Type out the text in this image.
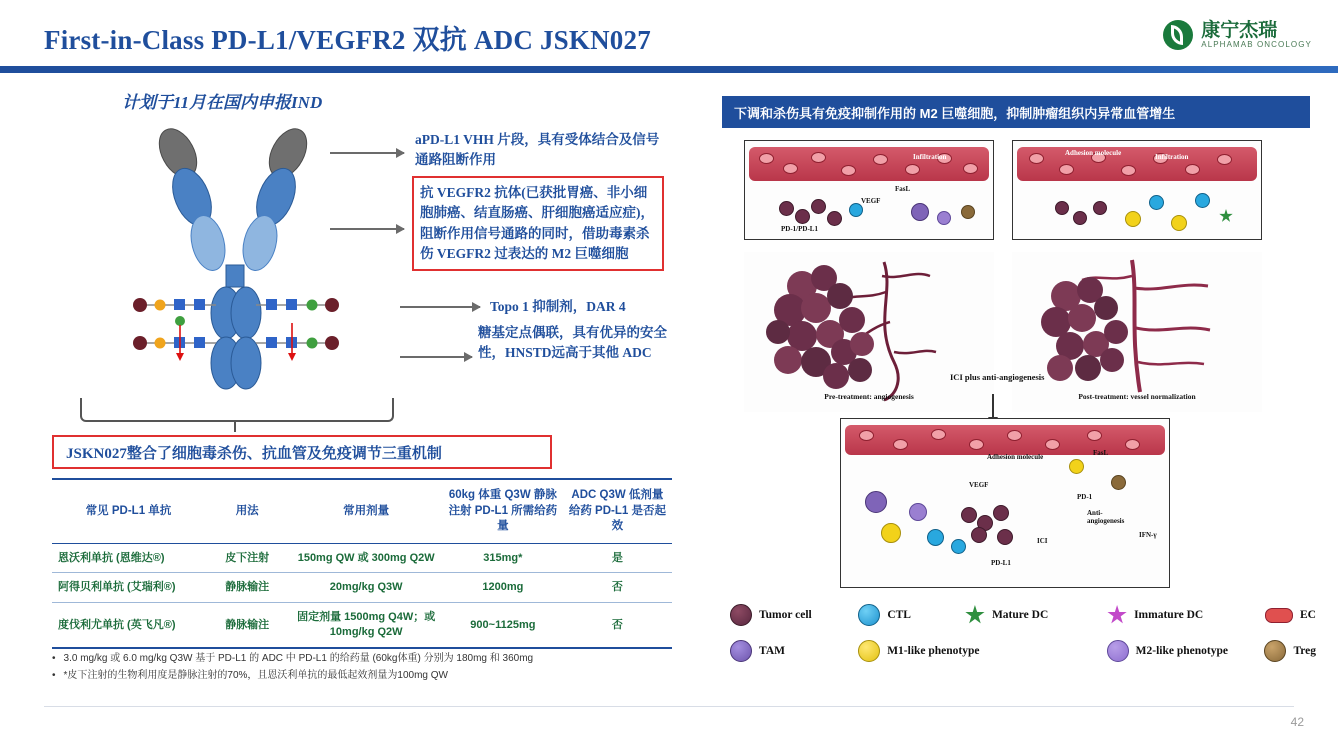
First-in-Class PD-L1/VEGFR2 双抗 ADC JSKN027	康宁杰瑞
ALPHAMAB ONCOLOGY
计划于11月在国内申报IND
aPD-L1 VHH 片段，具有受体结合及信号通路阻断作用
抗 VEGFR2 抗体(已获批胃癌、非小细胞肺癌、结直肠癌、肝细胞癌适应症)，阻断作用信号通路的同时，借助毒素杀伤 VEGFR2 过表达的 M2 巨噬细胞
Topo 1 抑制剂，DAR 4
糖基定点偶联，具有优异的安全性，HNSTD远高于其他 ADC
JSKN027整合了细胞毒杀伤、抗血管及免疫调节三重机制
常见 PD-L1 单抗	用法	常用剂量	60kg 体重 Q3W 静脉注射 PD-L1 所需给药量	ADC Q3W 低剂量给药 PD-L1 是否起效
恩沃利单抗 (恩维达®)	皮下注射	150mg QW 或 300mg Q2W	315mg*	是
阿得贝利单抗 (艾瑞利®)	静脉输注	20mg/kg Q3W	1200mg	否
度伐利尤单抗 (英飞凡®)	静脉输注	固定剂量 1500mg Q4W；或 10mg/kg Q2W	900~1125mg	否
• 3.0 mg/kg 或 6.0 mg/kg Q3W 基于 PD-L1 的 ADC 中 PD-L1 的给药量 (60kg体重) 分别为 180mg 和 360mg
• *皮下注射的生物利用度是静脉注射的70%，且恩沃利单抗的最低起效剂量为100mg QW
下调和杀伤具有免疫抑制作用的 M2 巨噬细胞，抑制肿瘤组织内异常血管增生
Infiltration
FasL
VEGF
PD-1/PD-L1
Adhesion molecule	Infiltration
Pre-treatment: angiogenesis	Post-treatment: vessel normalization
ICI plus anti-angiogenesis
Adhesion molecule	FasL
VEGF
PD-1
Anti-angiogenesis
IFN-γ
ICI
PD-L1
Tumor cell	CTL	Mature DC	Immature DC	EC
TAM	M1-like phenotype	M2-like phenotype	Treg
42
